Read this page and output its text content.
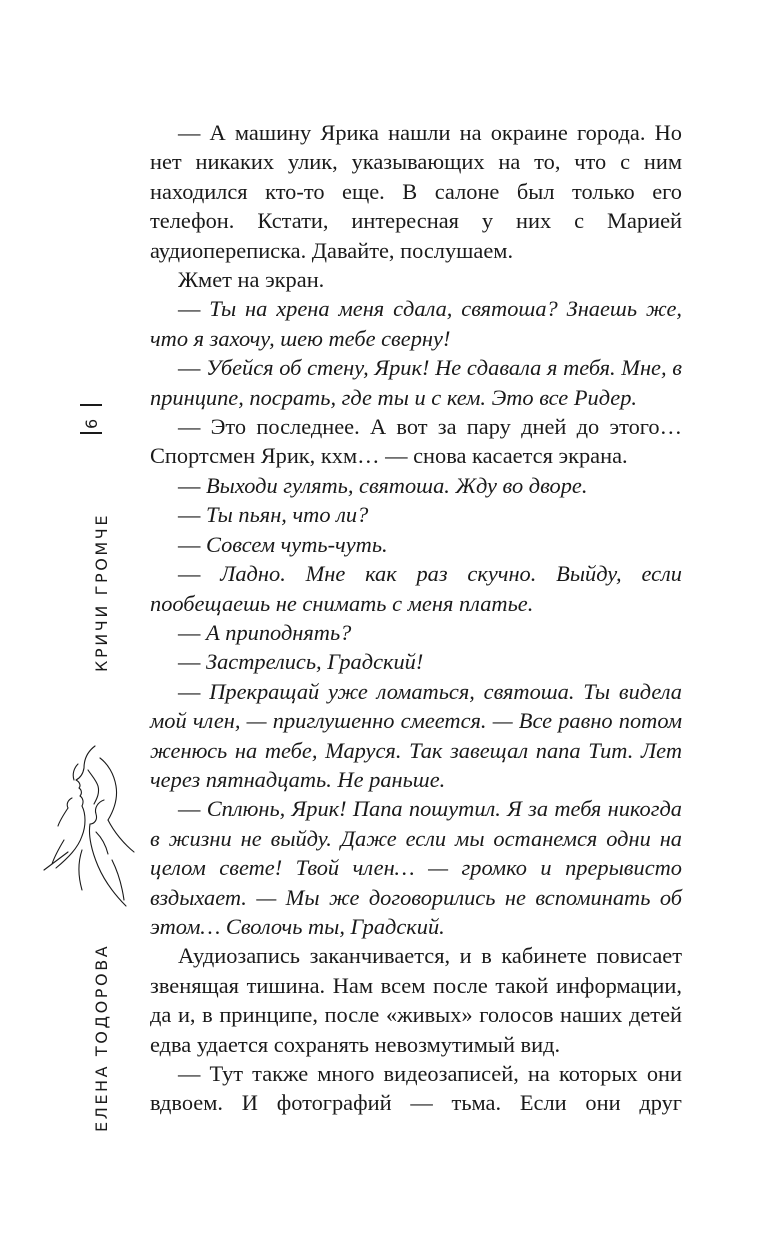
6
КРИЧИ ГРОМЧЕ
ЕЛЕНА ТОДОРОВА

— А машину Ярика нашли на окраине города. Но нет никаких улик, указывающих на то, что с ним находился кто-то еще. В салоне был только его телефон. Кстати, интересная у них с Марией аудиопереписка. Давайте, послушаем.

Жмет на экран.

— Ты на хрена меня сдала, святоша? Знаешь же, что я захочу, шею тебе сверну!

— Убейся об стену, Ярик! Не сдавала я тебя. Мне, в принципе, посрать, где ты и с кем. Это все Ридер.

— Это последнее. А вот за пару дней до этого… Спортсмен Ярик, кхм… — снова касается экрана.

— Выходи гулять, святоша. Жду во дворе.

— Ты пьян, что ли?

— Совсем чуть-чуть.

— Ладно. Мне как раз скучно. Выйду, если пообещаешь не снимать с меня платье.

— А приподнять?

— Застрелись, Градский!

— Прекращай уже ломаться, святоша. Ты видела мой член, — приглушенно смеется. — Все равно потом женюсь на тебе, Маруся. Так завещал папа Тит. Лет через пятнадцать. Не раньше.

— Сплюнь, Ярик! Папа пошутил. Я за тебя никогда в жизни не выйду. Даже если мы останемся одни на целом свете! Твой член… — громко и прерывисто вздыхает. — Мы же договорились не вспоминать об этом… Сволочь ты, Градский.

Аудиозапись заканчивается, и в кабинете повисает звенящая тишина. Нам всем после такой информации, да и, в принципе, после «живых» голосов наших детей едва удается сохранять невозмутимый вид.

— Тут также много видеозаписей, на которых они вдвоем. И фотографий — тьма. Если они друг
